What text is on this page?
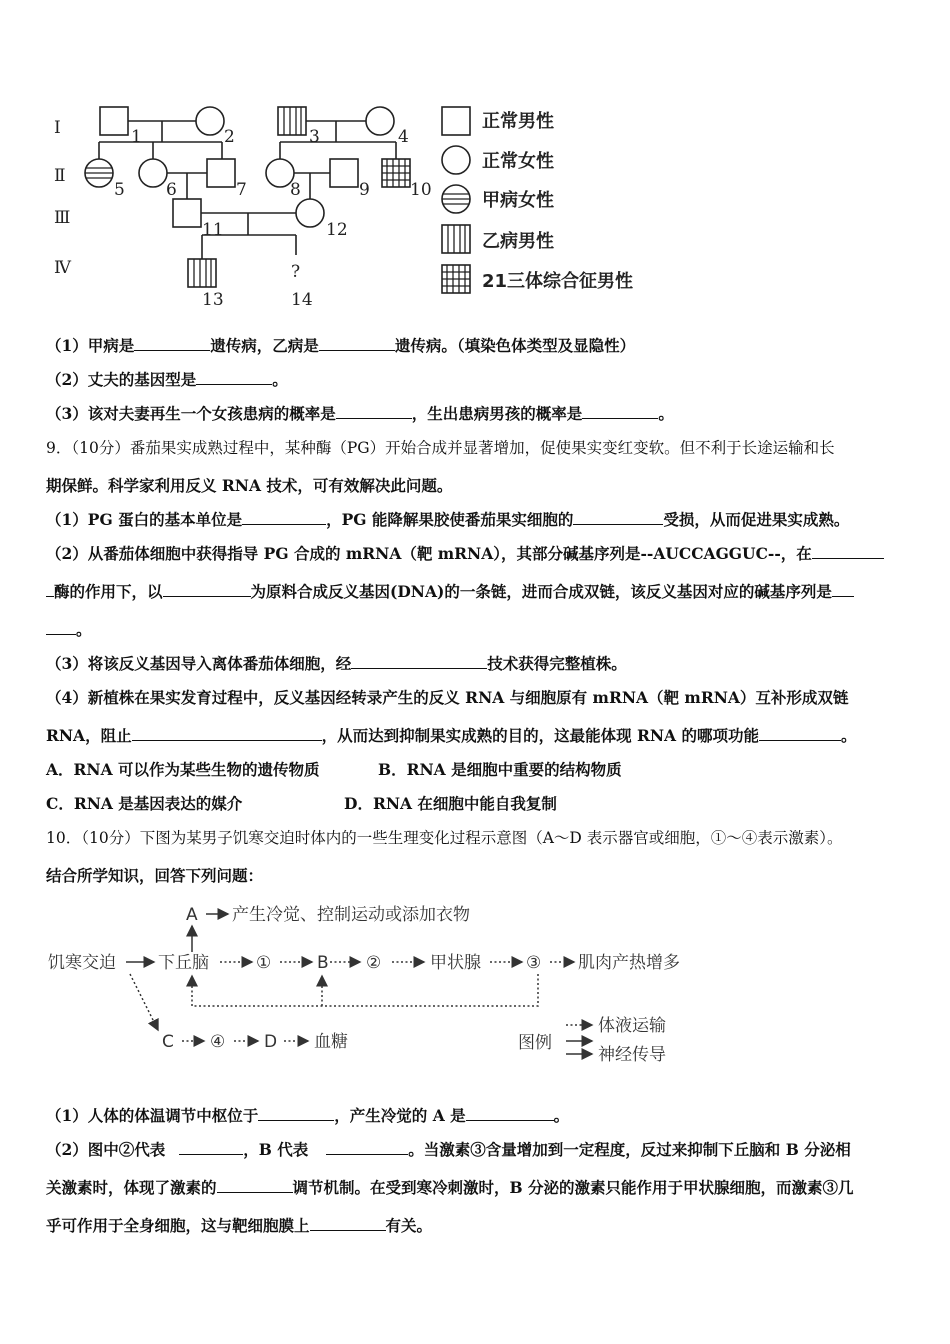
Ⅰ
Ⅱ
Ⅲ
Ⅳ
1	2	3	4
5 6	7	8	9 10
11	12
13
?
14
正常男性
正常女性
甲病女性
乙病男性
21三体综合征男性
（1）甲病是	遗传病，乙病是	遗传病。（填染色体类型及显隐性）
（2）丈夫的基因型是	。
（3）该对夫妻再生一个女孩患病的概率是	，生出患病男孩的概率是	。
9．（10分）番茄果实成熟过程中，某种酶（PG）开始合成并显著增加，促使果实变红变软。但不利于长途运输和长
期保鲜。科学家利用反义 RNA 技术，可有效解决此问题。
（1）PG 蛋白的基本单位是	，PG 能降解果胶使番茄果实细胞的	受损，从而促进果实成熟。
（2）从番茄体细胞中获得指导 PG 合成的 mRNA（靶 mRNA），其部分碱基序列是--AUCCAGGUC--，在
酶的作用下，以	为原料合成反义基因(DNA)的一条链，进而合成双链，该反义基因对应的碱基序列是
。
（3）将该反义基因导入离体番茄体细胞，经	技术获得完整植株。
（4）新植株在果实发育过程中，反义基因经转录产生的反义 RNA 与细胞原有 mRNA（靶 mRNA）互补形成双链
RNA，阻止	，从而达到抑制果实成熟的目的，这最能体现 RNA 的哪项功能	。
A．RNA 可以作为某些生物的遗传物质	B．RNA 是细胞中重要的结构物质
C．RNA 是基因表达的媒介	D．RNA 在细胞中能自我复制
10．（10分）下图为某男子饥寒交迫时体内的一些生理变化过程示意图（A～D 表示器官或细胞，①～④表示激素）。
结合所学知识，回答下列问题：
A 产生冷觉、控制运动或添加衣物
饥寒交迫 下丘脑	①	B ②	甲状腺	③ 肌肉产热增多
C ④ D 血糖	图例
体液运输
神经传导
（1）人体的体温调节中枢位于	，产生冷觉的 A 是	。
（2）图中②代表	，B 代表	。当激素③含量增加到一定程度，反过来抑制下丘脑和 B 分泌相
关激素时，体现了激素的	调节机制。在受到寒冷刺激时，B 分泌的激素只能作用于甲状腺细胞，而激素③几
乎可作用于全身细胞，这与靶细胞膜上	有关。
